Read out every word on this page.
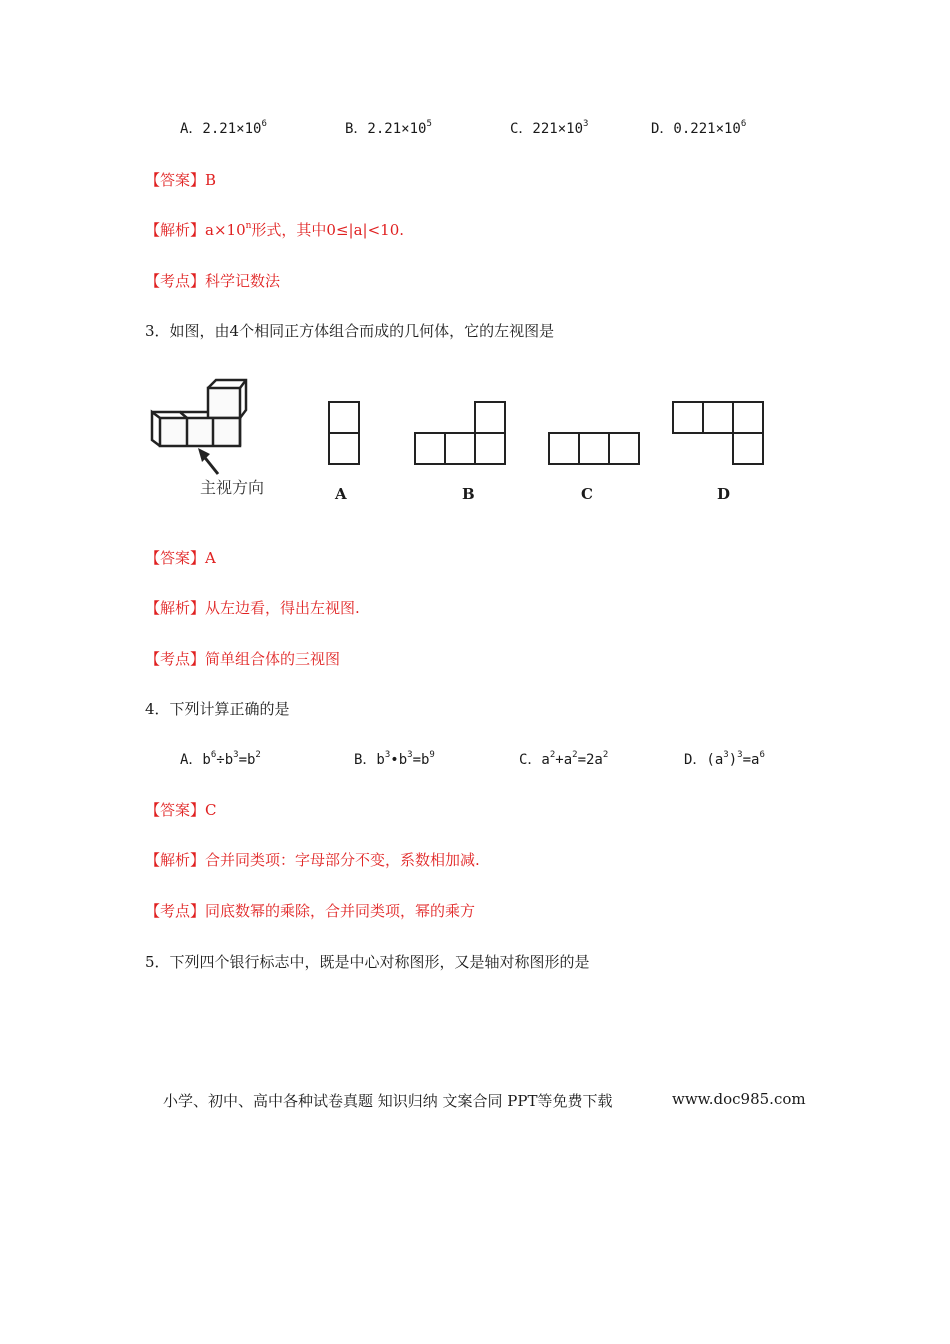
A．$2.21\times 10^6$	B．$2.21\times 10^5$	C．$221\times 10^3$	D．$0.221\times 10^6$
【答案】B
【解析】$a\times 10^n$形式，其中0≤|a|<10.
【考点】科学记数法
3．如图，由4个相同正方体组合而成的几何体，它的左视图是
主视方向	A	B	C	D
【答案】A
【解析】从左边看，得出左视图.
【考点】简单组合体的三视图
4．下列计算正确的是
A．$b^6\div b^3=b^2$	B．$b^3•b^3=b^9$	C．$a^2+a^2=2a^2$	D．$(a^3)^3=a^6$
【答案】C
【解析】合并同类项：字母部分不变，系数相加减.
【考点】同底数幂的乘除，合并同类项，幂的乘方
5．下列四个银行标志中，既是中心对称图形，又是轴对称图形的是
小学、初中、高中各种试卷真题 知识归纳 文案合同 PPT等免费下载	www.doc985.com
